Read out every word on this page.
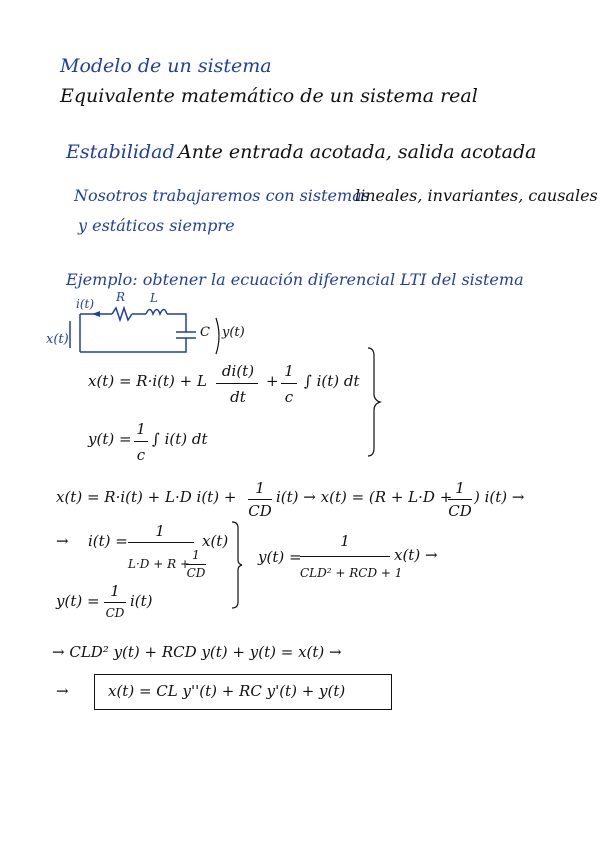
Modelo de un sistema
Equivalente matemático de un sistema real
Estabilidad Ante entrada acotada, salida acotada
Nosotros trabajaremos con sistemas
lineales, invariantes, causales
y estáticos siempre
Ejemplo: obtener la ecuación diferencial LTI del sistema
i(t) R L
C
x(t)	y(t)
x(t) = R·i(t) + L
di(t)
dt
+
1
c
∫ i(t) dt
y(t) =
1
c
∫ i(t) dt
x(t) = R·i(t) + L·D i(t) +	1
CD
i(t) → x(t) = (R + L·D + 1
CD
) i(t) →
→ i(t) =
1
L·D + R +
1
CD
x(t)
y(t) =
1
CD
i(t)
y(t) =
1
CLD² + RCD + 1
x(t) →
→ CLD² y(t) + RCD y(t) + y(t) = x(t) →
→	x(t) = CL y''(t) + RC y'(t) + y(t)
